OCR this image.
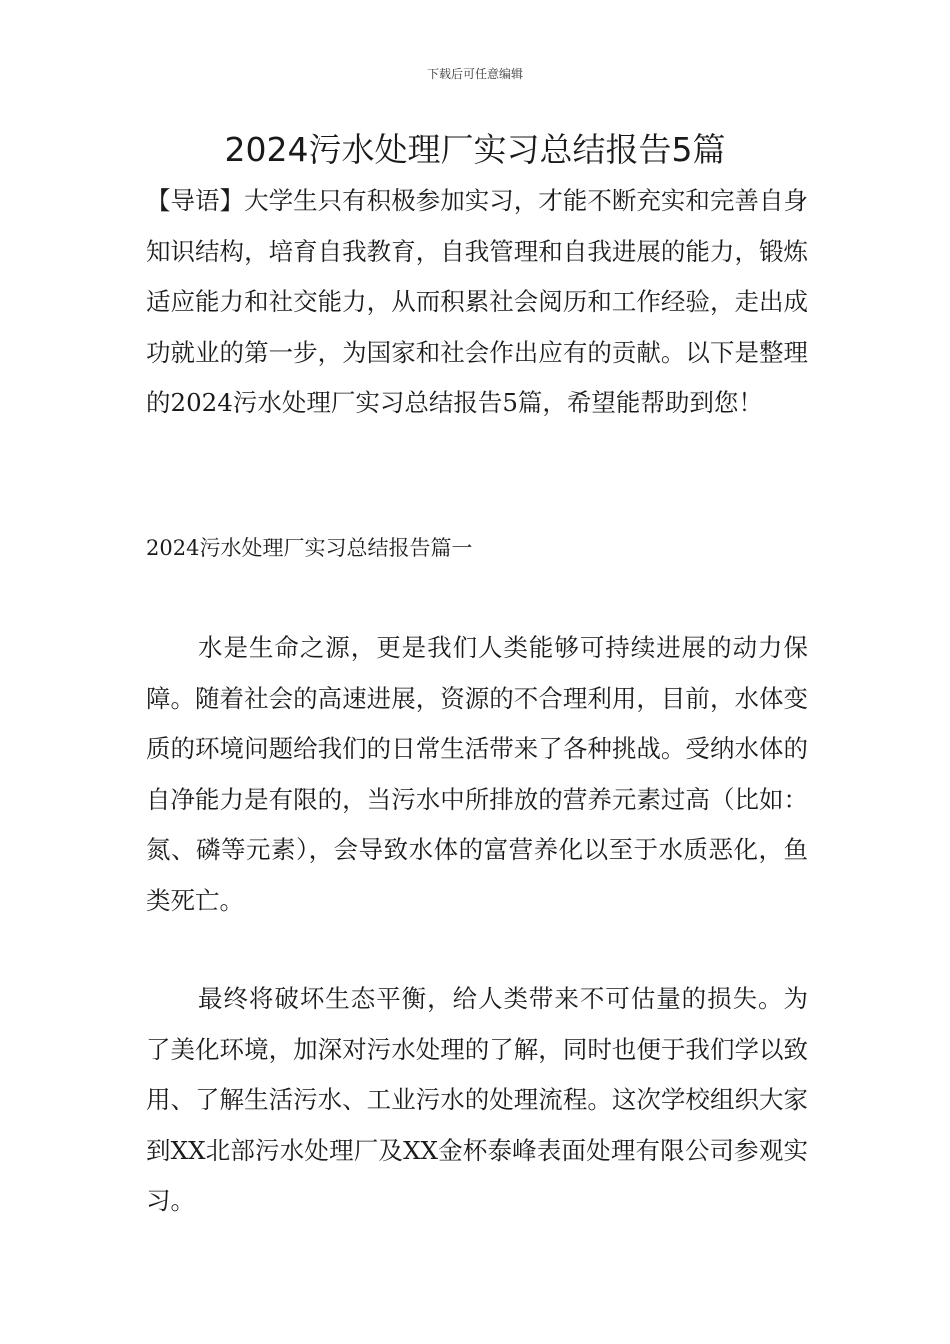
下载后可任意编辑
2024污水处理厂实习总结报告5篇

【导语】大学生只有积极参加实习，才能不断充实和完善自身知识结构，培育自我教育，自我管理和自我进展的能力，锻炼适应能力和社交能力，从而积累社会阅历和工作经验，走出成功就业的第一步，为国家和社会作出应有的贡献。以下是整理的2024污水处理厂实习总结报告5篇，希望能帮助到您！

2024污水处理厂实习总结报告篇一

水是生命之源，更是我们人类能够可持续进展的动力保障。随着社会的高速进展，资源的不合理利用，目前，水体变质的环境问题给我们的日常生活带来了各种挑战。受纳水体的自净能力是有限的，当污水中所排放的营养元素过高（比如：氮、磷等元素），会导致水体的富营养化以至于水质恶化，鱼类死亡。

最终将破坏生态平衡，给人类带来不可估量的损失。为了美化环境，加深对污水处理的了解，同时也便于我们学以致用、了解生活污水、工业污水的处理流程。这次学校组织大家到XX北部污水处理厂及XX金杯泰峰表面处理有限公司参观实习。
